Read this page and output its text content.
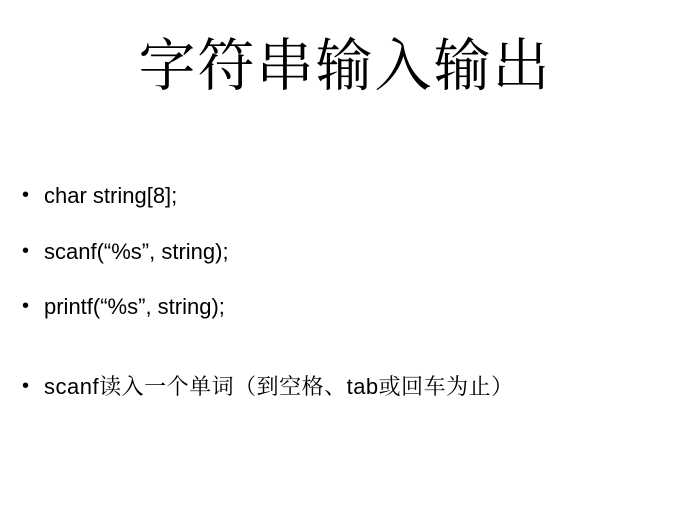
字符串输入输出
• char string[8];
• scanf(“%s”, string);
• printf(“%s”, string);
• scanf读入一个单词（到空格、tab或回车为止）
